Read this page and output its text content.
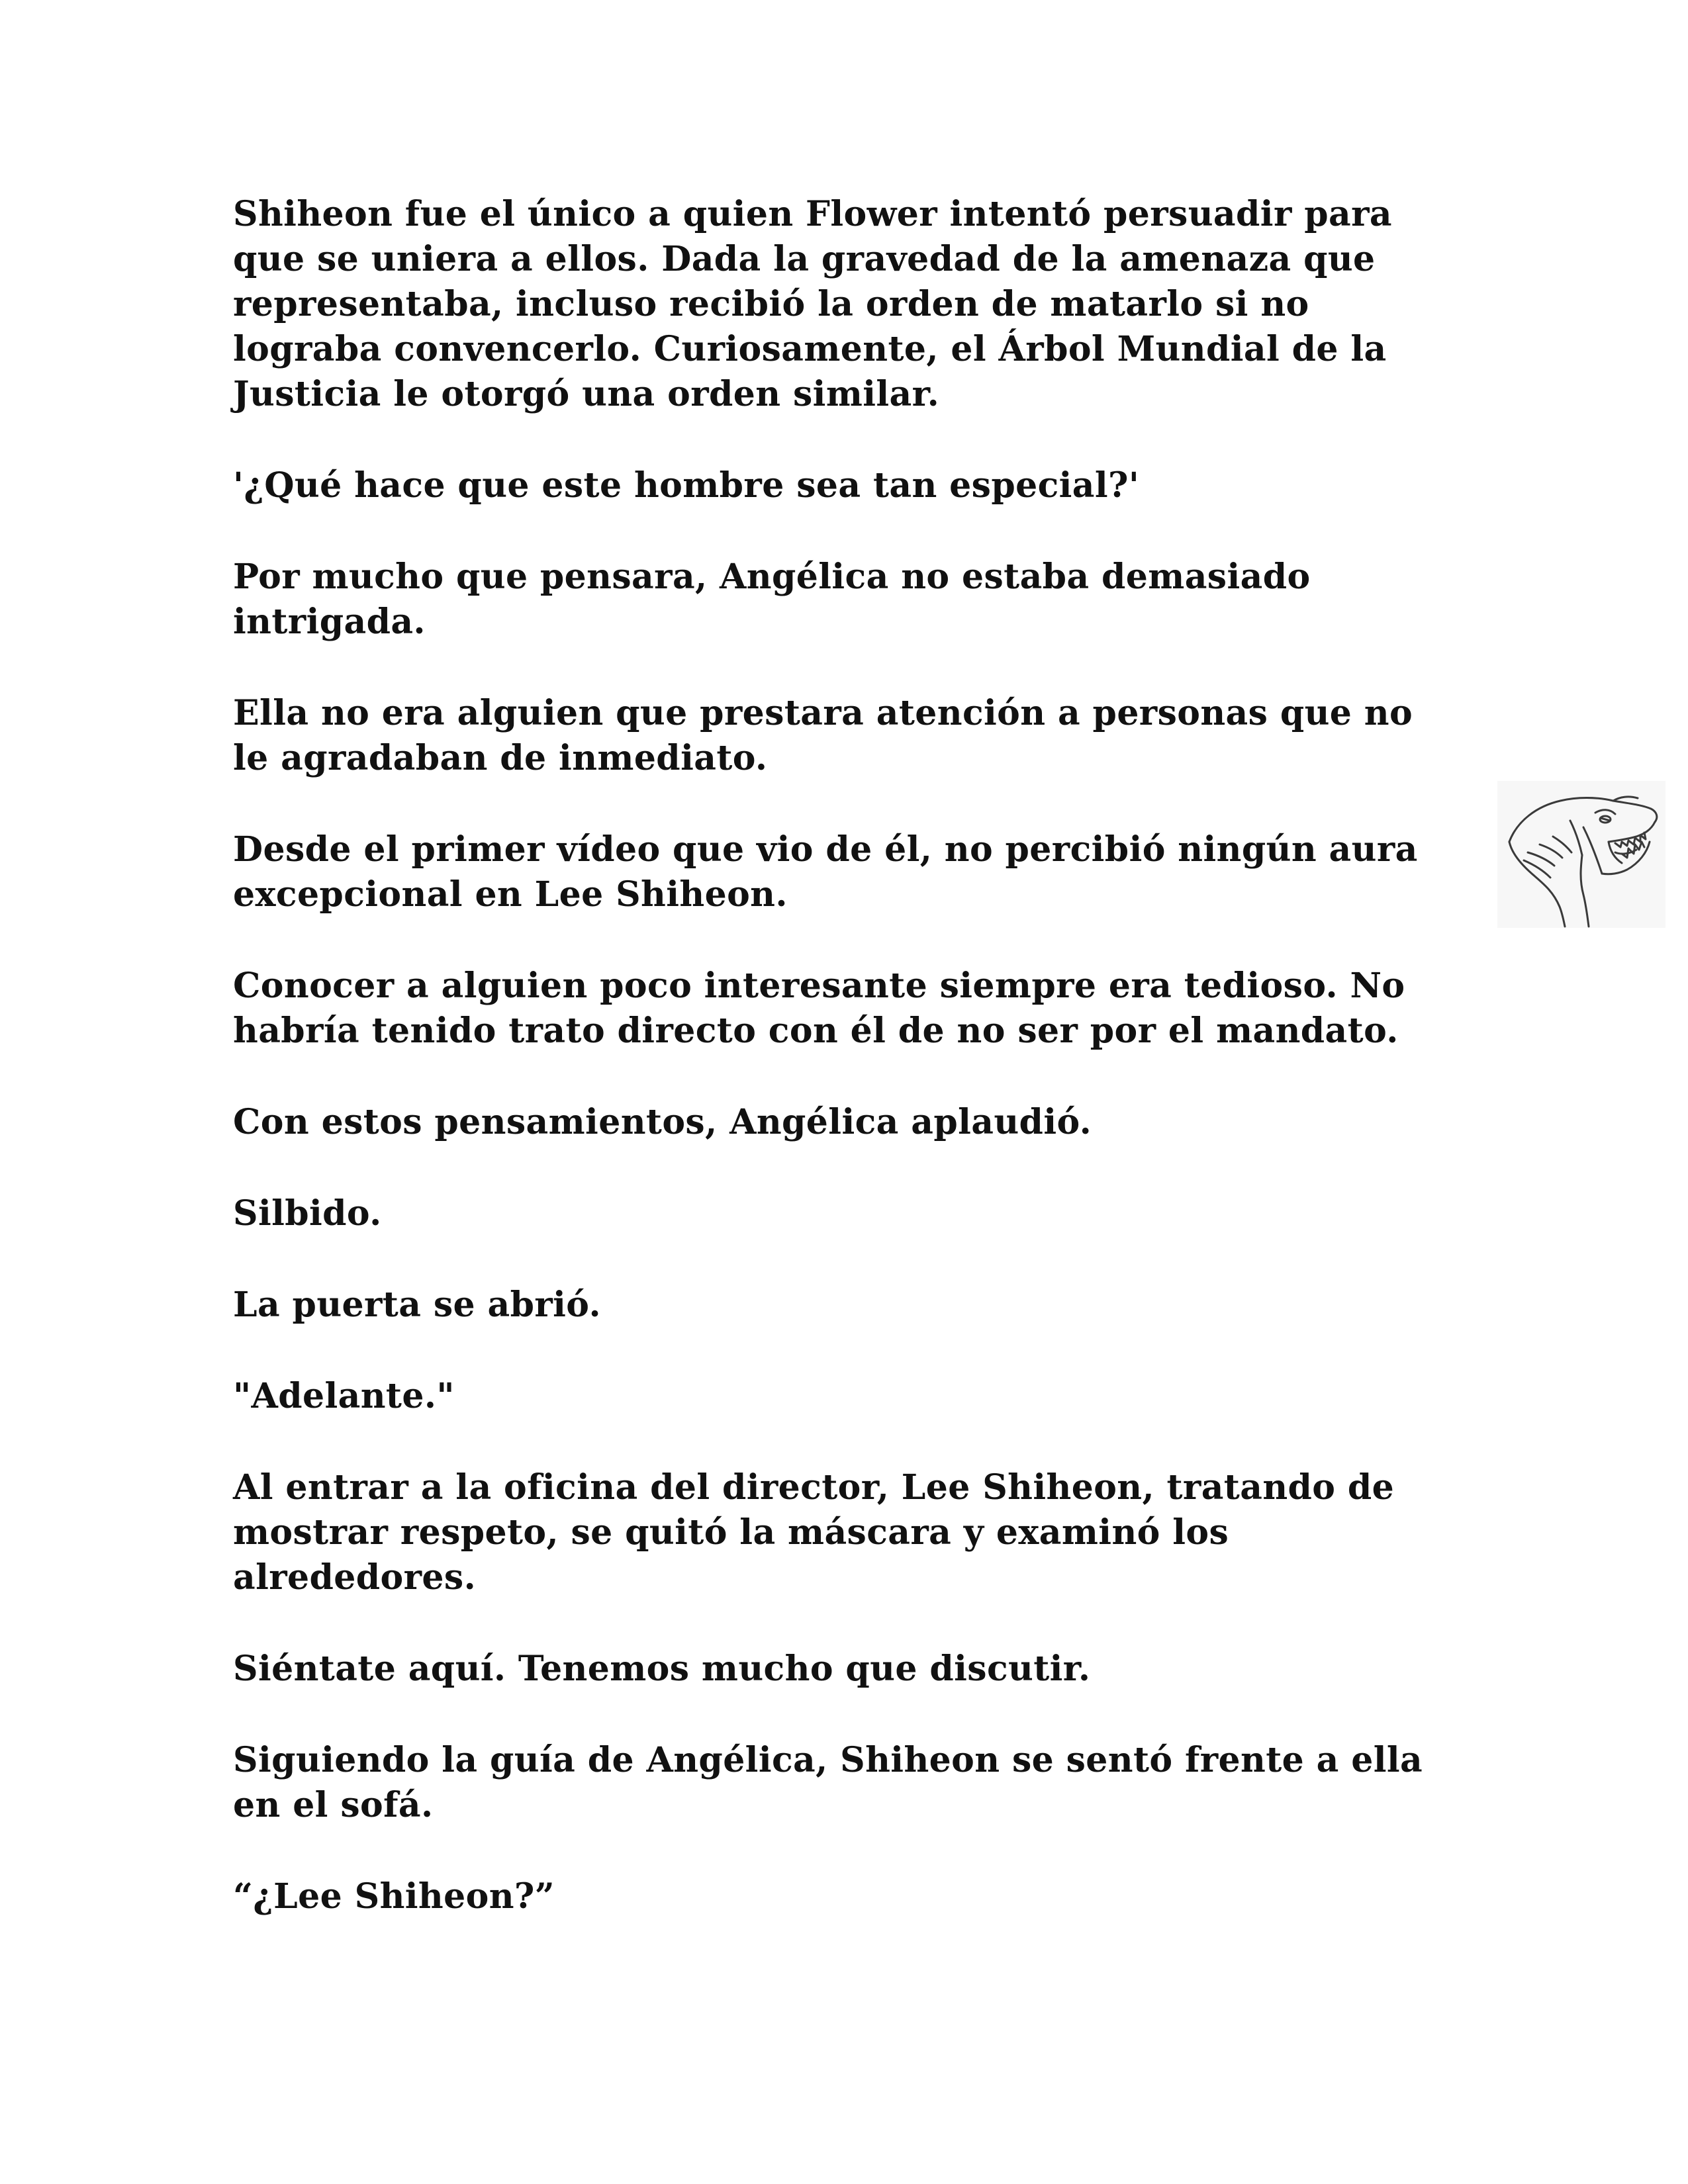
Shiheon fue el único a quien Flower intentó persuadir para
que se uniera a ellos. Dada la gravedad de la amenaza que
representaba, incluso recibió la orden de matarlo si no
lograba convencerlo. Curiosamente, el Árbol Mundial de la
Justicia le otorgó una orden similar.

'¿Qué hace que este hombre sea tan especial?'

Por mucho que pensara, Angélica no estaba demasiado
intrigada.

Ella no era alguien que prestara atención a personas que no
le agradaban de inmediato.

Desde el primer vídeo que vio de él, no percibió ningún aura
excepcional en Lee Shiheon.

Conocer a alguien poco interesante siempre era tedioso. No
habría tenido trato directo con él de no ser por el mandato.

Con estos pensamientos, Angélica aplaudió.

Silbido.

La puerta se abrió.

"Adelante."

Al entrar a la oficina del director, Lee Shiheon, tratando de
mostrar respeto, se quitó la máscara y examinó los
alrededores.

Siéntate aquí. Tenemos mucho que discutir.

Siguiendo la guía de Angélica, Shiheon se sentó frente a ella
en el sofá.

“¿Lee Shiheon?”
